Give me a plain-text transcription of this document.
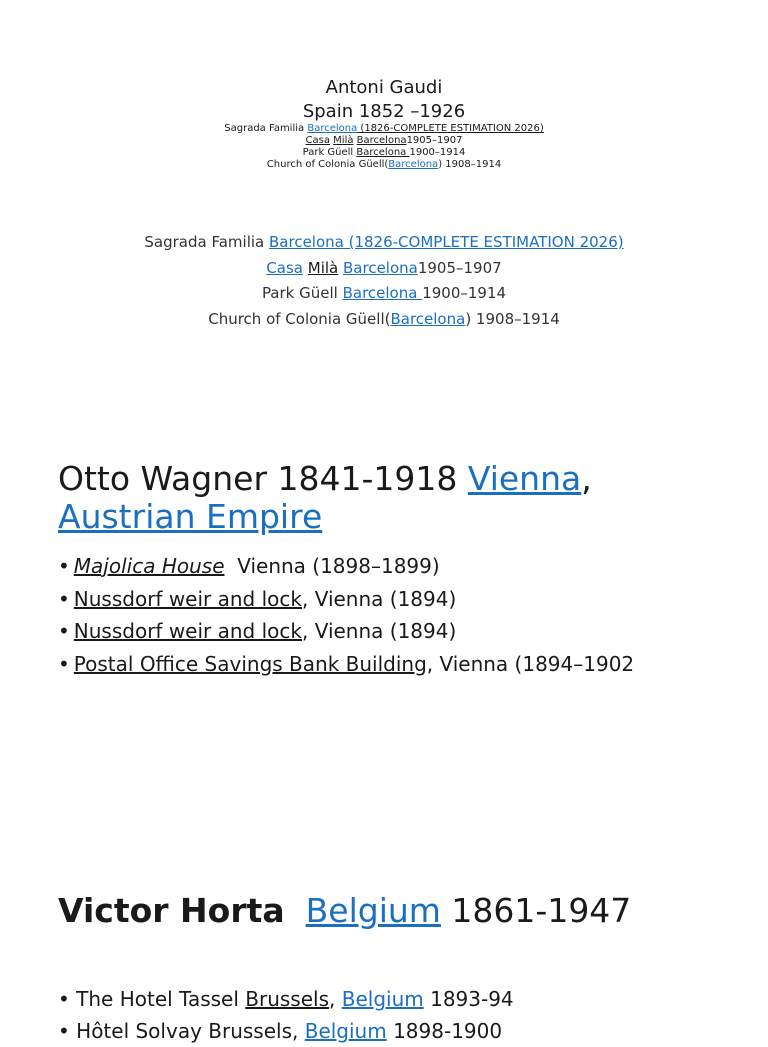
Antoni Gaudi
Spain 1852 –1926
Sagrada Familia Barcelona (1826-COMPLETE ESTIMATION 2026)
Casa Milà Barcelona1905–1907
Park Güell Barcelona 1900–1914
Church of Colonia Güell(Barcelona) 1908–1914
Sagrada Familia Barcelona (1826-COMPLETE ESTIMATION 2026)
Casa Milà Barcelona1905–1907
Park Güell Barcelona 1900–1914
Church of Colonia Güell(Barcelona) 1908–1914
Otto Wagner 1841-1918 Vienna, Austrian Empire
• Majolica House  Vienna (1898–1899)
• Nussdorf weir and lock, Vienna (1894)
• Nussdorf weir and lock, Vienna (1894)
• Postal Office Savings Bank Building, Vienna (1894–1902
Victor Horta Belgium 1861-1947
• The Hotel Tassel Brussels, Belgium 1893-94
• Hôtel Solvay Brussels, Belgium 1898-1900
